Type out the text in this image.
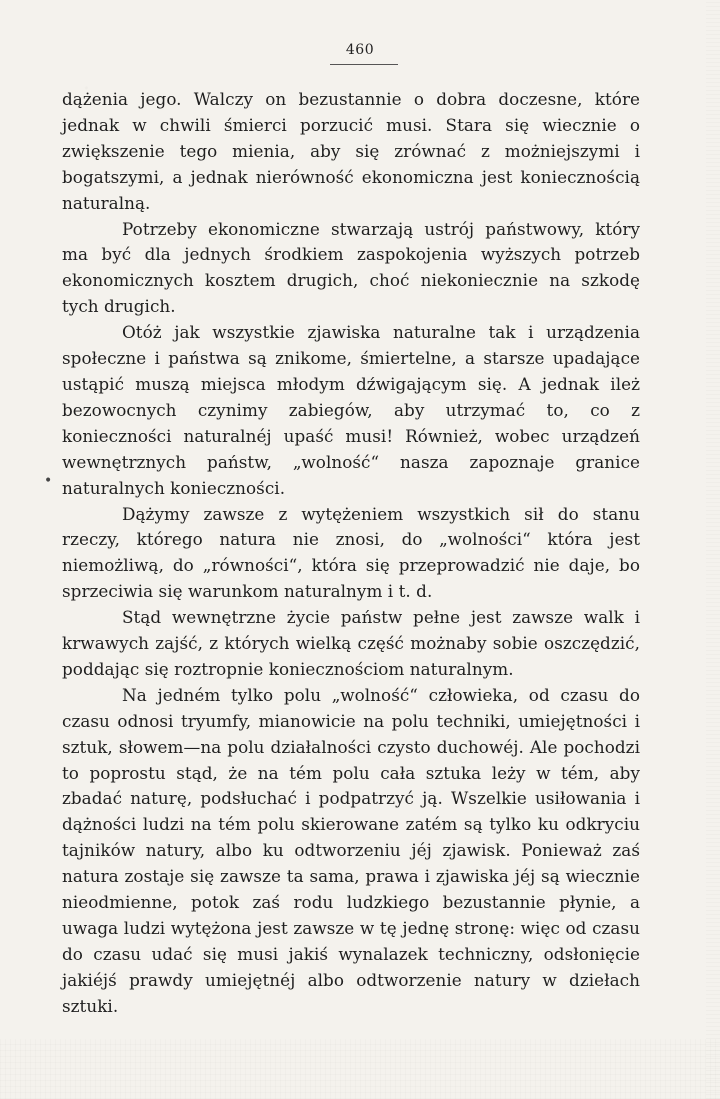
460
•

dążenia jego. Walczy on bezustannie o dobra doczesne, które jednak w chwili śmierci porzucić musi. Stara się wiecznie o zwiększenie tego mienia, aby się zrównać z możniejszymi i bogatszymi, a jednak nierówność ekonomiczna jest koniecznością naturalną.

Potrzeby ekonomiczne stwarzają ustrój państwowy, który ma być dla jednych środkiem zaspokojenia wyższych potrzeb ekonomicznych kosztem drugich, choć niekoniecznie na szkodę tych drugich.

Otóż jak wszystkie zjawiska naturalne tak i urządzenia społeczne i państwa są znikome, śmiertelne, a starsze upadające ustąpić muszą miejsca młodym dźwigającym się. A jednak ileż bezowocnych czynimy zabiegów, aby utrzymać to, co z konieczności naturalnéj upaść musi! Również, wobec urządzeń wewnętrznych państw, „wolność“ nasza zapoznaje granice naturalnych konieczności.

Dążymy zawsze z wytężeniem wszystkich sił do stanu rzeczy, którego natura nie znosi, do „wolności“ która jest niemożliwą, do „równości“, która się przeprowadzić nie daje, bo sprzeciwia się warunkom naturalnym i t. d.

Stąd wewnętrzne życie państw pełne jest zawsze walk i krwawych zajść, z których wielką część możnaby sobie oszczędzić, poddając się roztropnie koniecznościom naturalnym.

Na jedném tylko polu „wolność“ człowieka, od czasu do czasu odnosi tryumfy, mianowicie na polu techniki, umiejętności i sztuk, słowem—na polu działalności czysto duchowéj. Ale pochodzi to poprostu stąd, że na tém polu cała sztuka leży w tém, aby zbadać naturę, podsłuchać i podpatrzyć ją. Wszelkie usiłowania i dążności ludzi na tém polu skierowane zatém są tylko ku odkryciu tajników natury, albo ku odtworzeniu jéj zjawisk. Ponieważ zaś natura zostaje się zawsze ta sama, prawa i zjawiska jéj są wiecznie nieodmienne, potok zaś rodu ludzkiego bezustannie płynie, a uwaga ludzi wytężona jest zawsze w tę jednę stronę: więc od czasu do czasu udać się musi jakiś wynalazek techniczny, odsłonięcie jakiéjś prawdy umiejętnéj albo odtworzenie natury w dziełach sztuki.
